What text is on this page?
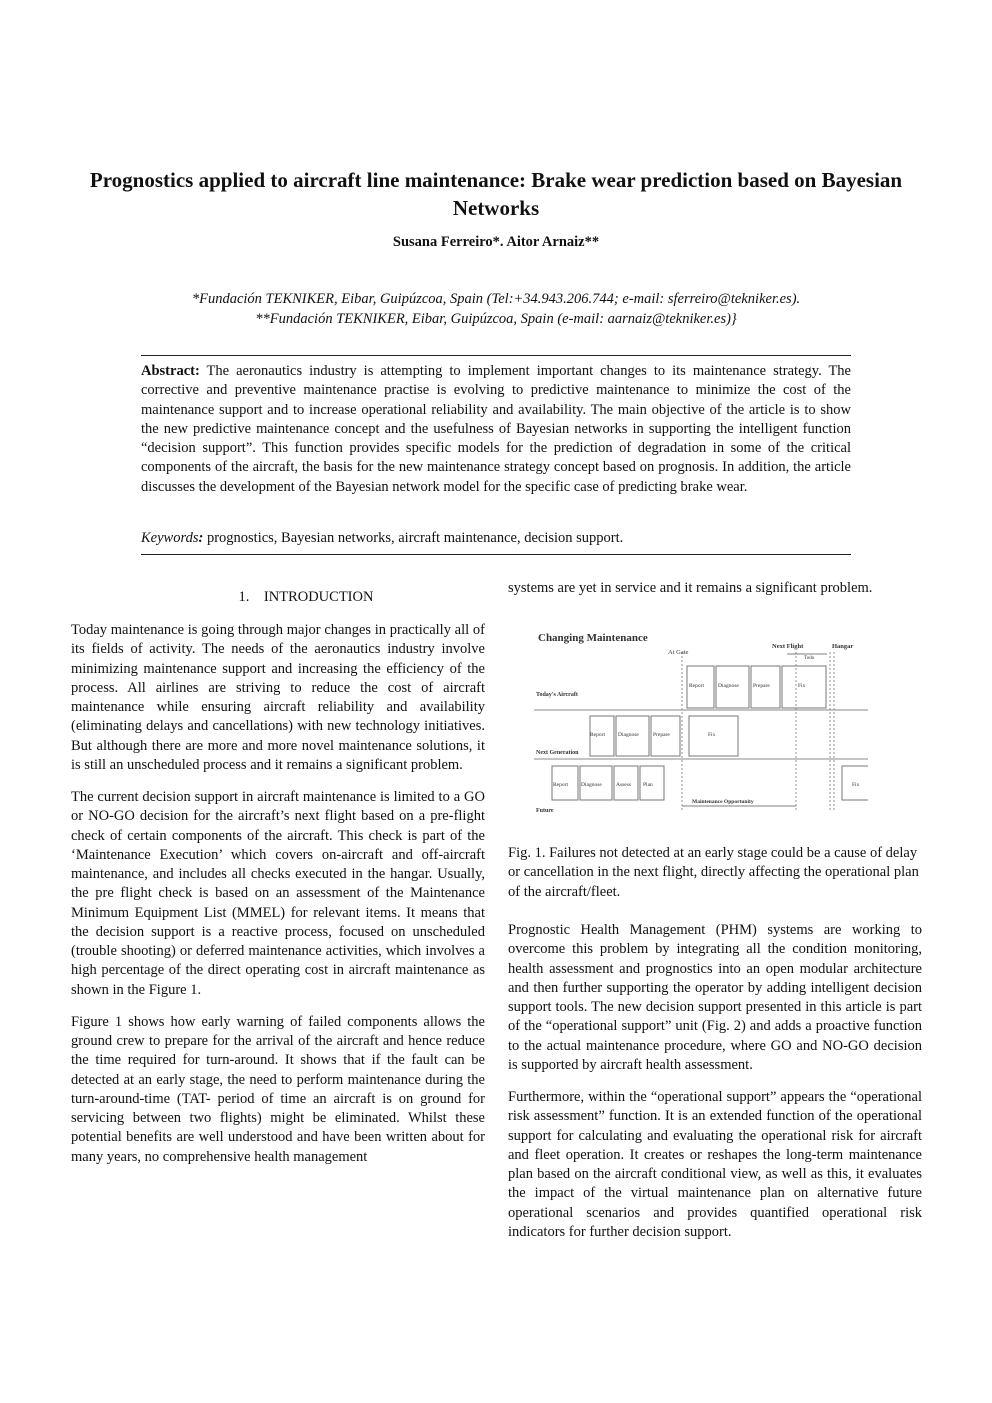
Prognostics applied to aircraft line maintenance: Brake wear prediction based on Bayesian Networks
Susana Ferreiro*. Aitor Arnaiz**
*Fundación TEKNIKER, Eibar, Guipúzcoa, Spain (Tel:+34.943.206.744; e-mail: sferreiro@tekniker.es).
**Fundación TEKNIKER, Eibar, Guipúzcoa, Spain (e-mail: aarnaiz@tekniker.es)}
Abstract: The aeronautics industry is attempting to implement important changes to its maintenance strategy. The corrective and preventive maintenance practise is evolving to predictive maintenance to minimize the cost of the maintenance support and to increase operational reliability and availability. The main objective of the article is to show the new predictive maintenance concept and the usefulness of Bayesian networks in supporting the intelligent function “decision support”. This function provides specific models for the prediction of degradation in some of the critical components of the aircraft, the basis for the new maintenance strategy concept based on prognosis. In addition, the article discusses the development of the Bayesian network model for the specific case of predicting brake wear.
Keywords: prognostics, Bayesian networks, aircraft maintenance, decision support.
1.    INTRODUCTION

Today maintenance is going through major changes in practically all of its fields of activity. The needs of the aeronautics industry involve minimizing maintenance support and increasing the efficiency of the process. All airlines are striving to reduce the cost of aircraft maintenance while ensuring aircraft reliability and availability (eliminating delays and cancellations) with new technology initiatives. But although there are more and more novel maintenance solutions, it is still an unscheduled process and it remains a significant problem.

The current decision support in aircraft maintenance is limited to a GO or NO-GO decision for the aircraft’s next flight based on a pre-flight check of certain components of the aircraft. This check is part of the ‘Maintenance Execution’ which covers on-aircraft and off-aircraft maintenance, and includes all checks executed in the hangar. Usually, the pre flight check is based on an assessment of the Maintenance Minimum Equipment List (MMEL) for relevant items. It means that the decision support is a reactive process, focused on unscheduled (trouble shooting) or deferred maintenance activities, which involves a high percentage of the direct operating cost in aircraft maintenance as shown in the Figure 1.

Figure 1 shows how early warning of failed components allows the ground crew to prepare for the arrival of the aircraft and hence reduce the time required for turn-around. It shows that if the fault can be detected at an early stage, the need to perform maintenance during the turn-around-time (TAT- period of time an aircraft is on ground for servicing between two flights) might be eliminated. Whilst these potential benefits are well understood and have been written about for many years, no comprehensive health management

systems are yet in service and it remains a significant problem.

Changing Maintenance
At Gate
Next Flight	Hangar
Todo
Today's Aircraft
Report	Diagnose	Prepare	Fix
Next Generation
Report Diagnose	Prepare	Fix
Future
Report Diagnose	Assess Plan	Fix
Maintenance Opportunity
Fig. 1. Failures not detected at an early stage could be a cause of delay or cancellation in the next flight, directly affecting the operational plan of the aircraft/fleet.

Prognostic Health Management (PHM) systems are working to overcome this problem by integrating all the condition monitoring, health assessment and prognostics into an open modular architecture and then further supporting the operator by adding intelligent decision support tools. The new decision support presented in this article is part of the “operational support” unit (Fig. 2) and adds a proactive function to the actual maintenance procedure, where GO and NO-GO decision is supported by aircraft health assessment.

Furthermore, within the “operational support” appears the “operational risk assessment” function. It is an extended function of the operational support for calculating and evaluating the operational risk for aircraft and fleet operation. It creates or reshapes the long-term maintenance plan based on the aircraft conditional view, as well as this, it evaluates the impact of the virtual maintenance plan on alternative future operational scenarios and provides quantified operational risk indicators for further decision support.
